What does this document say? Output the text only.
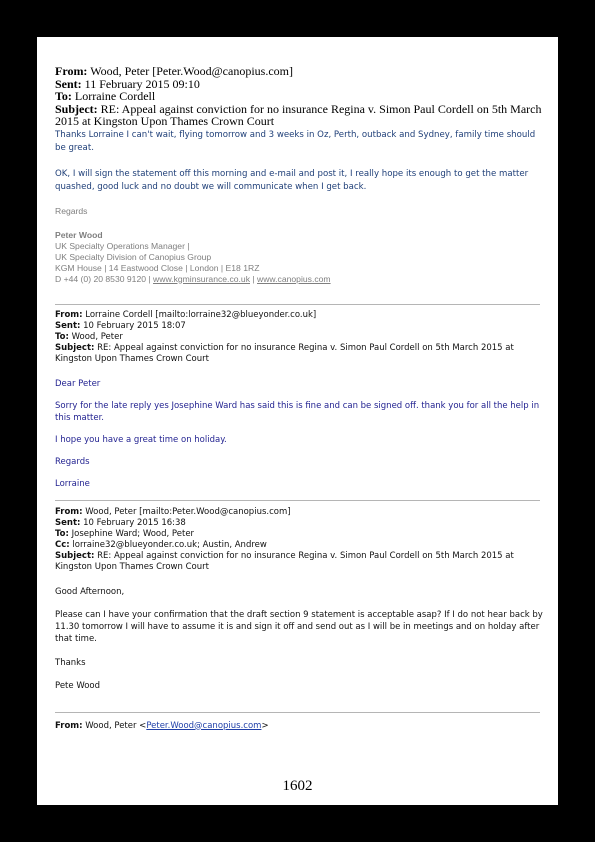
From: Wood, Peter [Peter.Wood@canopius.com]
Sent: 11 February 2015 09:10
To: Lorraine Cordell
Subject: RE: Appeal against conviction for no insurance Regina v. Simon Paul Cordell on 5th March 2015 at Kingston Upon Thames Crown Court

Thanks Lorraine I can't wait, flying tomorrow and 3 weeks in Oz, Perth, outback and Sydney, family time should be great.

OK, I will sign the statement off this morning and e-mail and post it, I really hope its enough to get the matter quashed, good luck and no doubt we will communicate when I get back.

Regards
Peter Wood
UK Specialty Operations Manager |
UK Specialty Division of Canopius Group
KGM House | 14 Eastwood Close | London | E18 1RZ
D +44 (0) 20 8530 9120 | www.kgminsurance.co.uk | www.canopius.com
From: Lorraine Cordell [mailto:lorraine32@blueyonder.co.uk]
Sent: 10 February 2015 18:07
To: Wood, Peter
Subject: RE: Appeal against conviction for no insurance Regina v. Simon Paul Cordell on 5th March 2015 at Kingston Upon Thames Crown Court

Dear Peter

Sorry for the late reply yes Josephine Ward has said this is fine and can be signed off. thank you for all the help in this matter.

I hope you have a great time on holiday.

Regards

Lorraine

From: Wood, Peter [mailto:Peter.Wood@canopius.com]
Sent: 10 February 2015 16:38
To: Josephine Ward; Wood, Peter
Cc: lorraine32@blueyonder.co.uk; Austin, Andrew
Subject: RE: Appeal against conviction for no insurance Regina v. Simon Paul Cordell on 5th March 2015 at Kingston Upon Thames Crown Court

Good Afternoon,

Please can I have your confirmation that the draft section 9 statement is acceptable asap? If I do not hear back by 11.30 tomorrow I will have to assume it is and sign it off and send out as I will be in meetings and on holday after that time.

Thanks

Pete Wood

From: Wood, Peter <Peter.Wood@canopius.com>
1602
